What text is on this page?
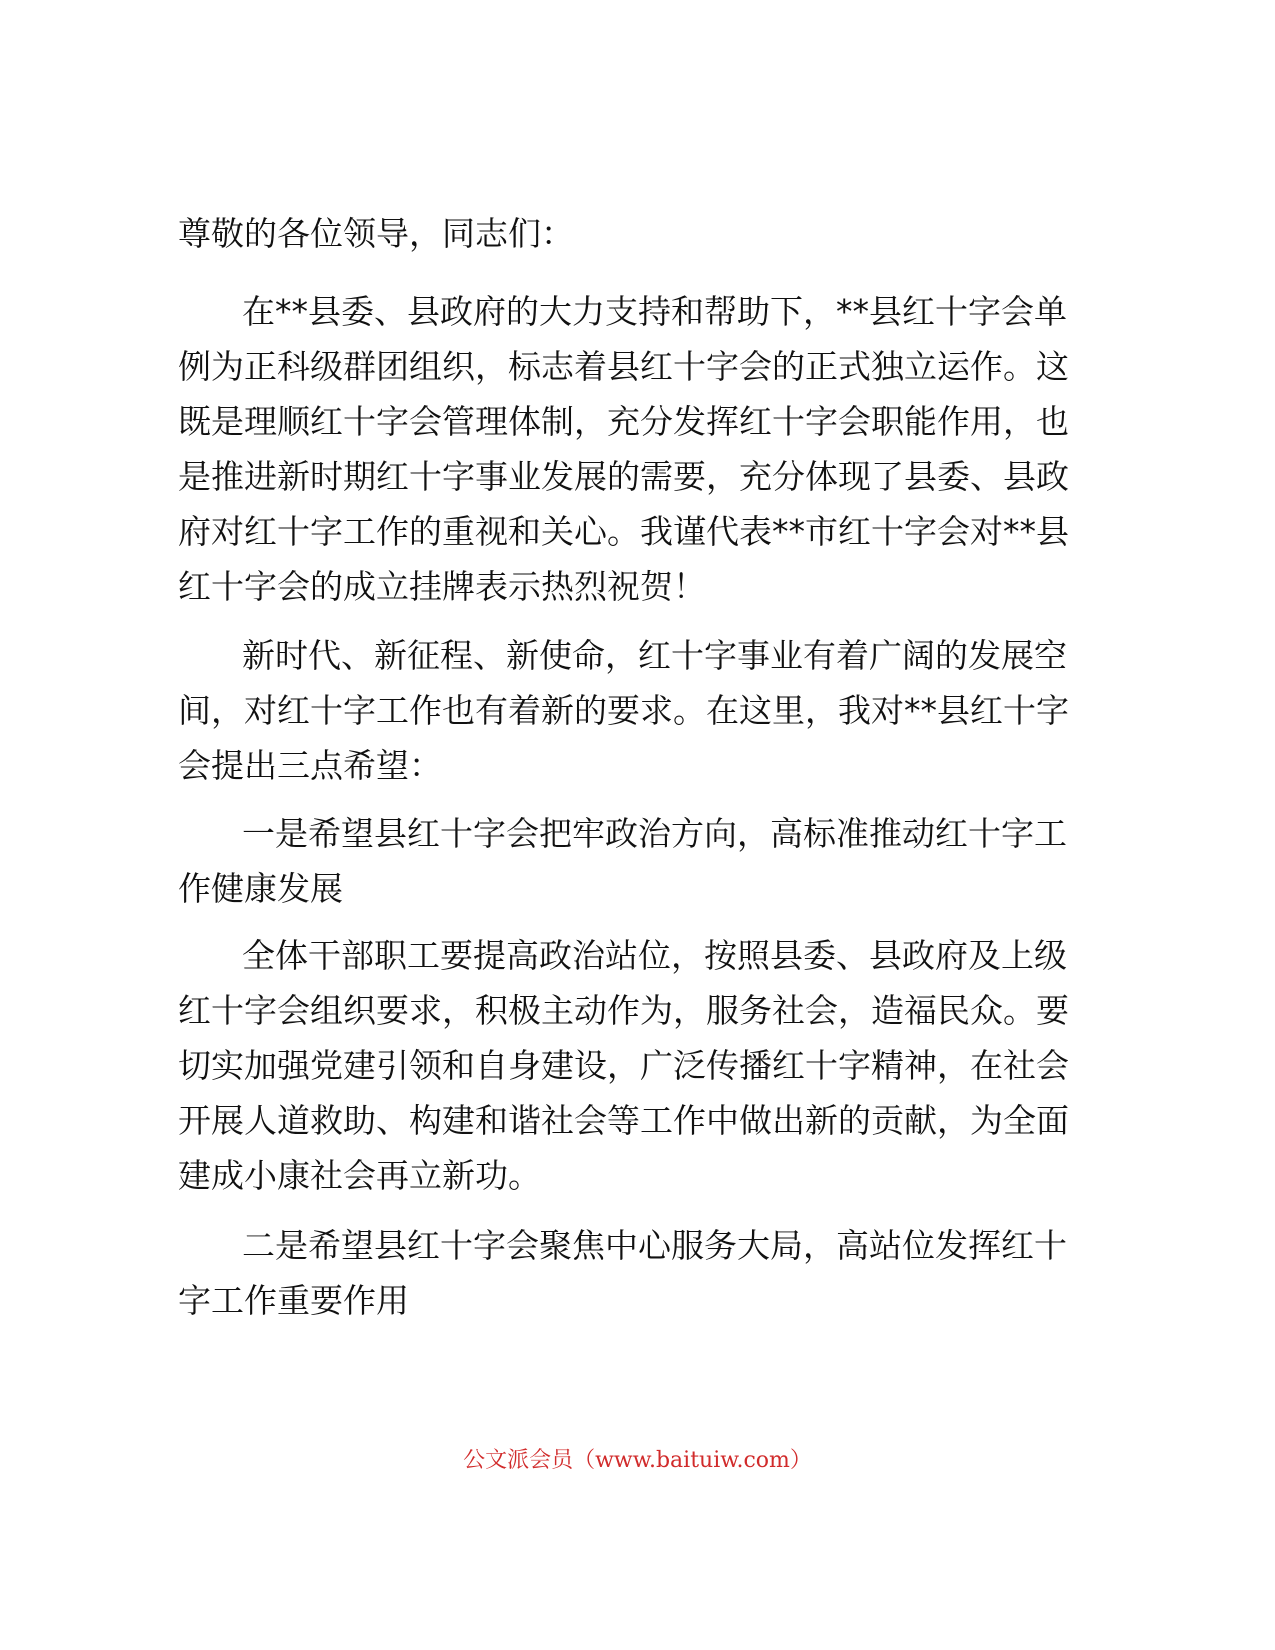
尊敬的各位领导，同志们：
在**县委、县政府的大力支持和帮助下，**县红十字会单
例为正科级群团组织，标志着县红十字会的正式独立运作。这
既是理顺红十字会管理体制，充分发挥红十字会职能作用，也
是推进新时期红十字事业发展的需要，充分体现了县委、县政
府对红十字工作的重视和关心。我谨代表**市红十字会对**县
红十字会的成立挂牌表示热烈祝贺！
新时代、新征程、新使命，红十字事业有着广阔的发展空
间，对红十字工作也有着新的要求。在这里，我对**县红十字
会提出三点希望：
一是希望县红十字会把牢政治方向，高标准推动红十字工
作健康发展
全体干部职工要提高政治站位，按照县委、县政府及上级
红十字会组织要求，积极主动作为，服务社会，造福民众。要
切实加强党建引领和自身建设，广泛传播红十字精神，在社会
开展人道救助、构建和谐社会等工作中做出新的贡献，为全面
建成小康社会再立新功。
二是希望县红十字会聚焦中心服务大局，高站位发挥红十
字工作重要作用
公文派会员（www.baituiw.com）
